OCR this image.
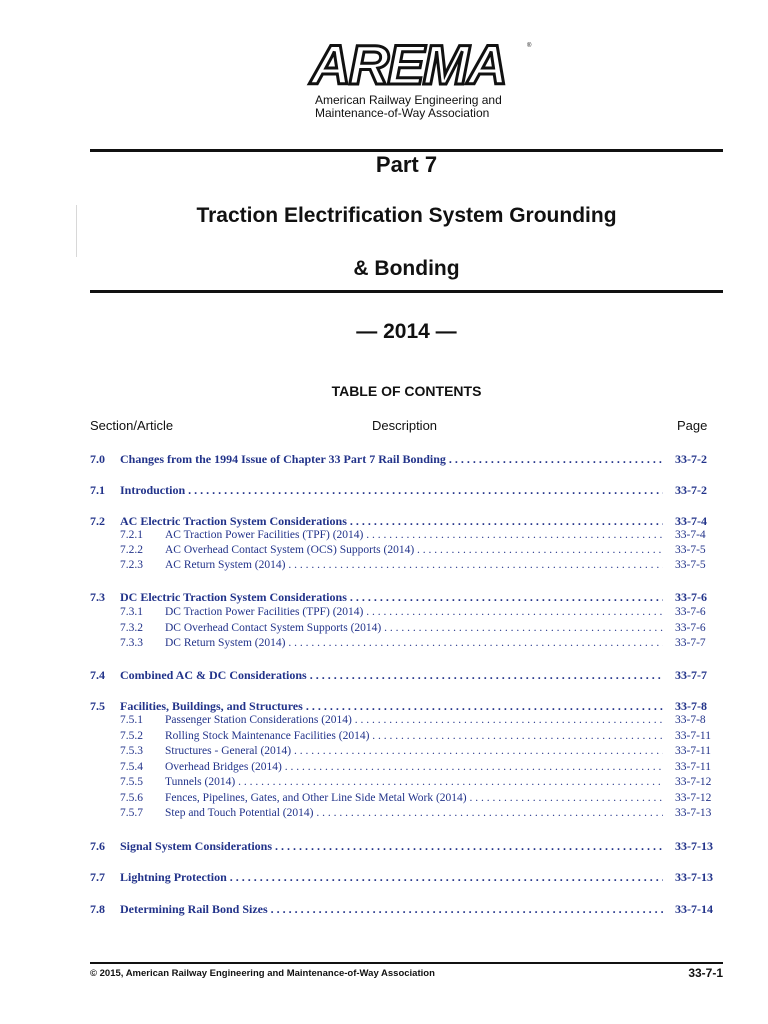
AREMA	®
American Railway Engineering and
Maintenance-of-Way Association
Part 7
Traction Electrification System Grounding
& Bonding
— 2014 —
TABLE OF CONTENTS
Section/Article	Description	Page
7.0 Changes from the 1994 Issue of Chapter 33 Part 7 Rail Bonding . . .	33-7-2
7.1 Introduction . . .	33-7-2
7.2 AC Electric Traction System Considerations . . .	33-7-4
7.2.1 AC Traction Power Facilities (TPF) (2014) . . .	33-7-4
7.2.2 AC Overhead Contact System (OCS) Supports (2014) . . .	33-7-5
7.2.3 AC Return System (2014) . . .	33-7-5
7.3 DC Electric Traction System Considerations . . .	33-7-6
7.3.1 DC Traction Power Facilities (TPF) (2014) . . .	33-7-6
7.3.2 DC Overhead Contact System Supports (2014) . . .	33-7-6
7.3.3 DC Return System (2014) . . .	33-7-7
7.4 Combined AC & DC Considerations . . .	33-7-7
7.5 Facilities, Buildings, and Structures . . .	33-7-8
7.5.1 Passenger Station Considerations (2014) . . .	33-7-8
7.5.2 Rolling Stock Maintenance Facilities (2014) . . .	33-7-11
7.5.3 Structures - General (2014) . . .	33-7-11
7.5.4 Overhead Bridges (2014) . . .	33-7-11
7.5.5 Tunnels (2014) . . .	33-7-12
7.5.6 Fences, Pipelines, Gates, and Other Line Side Metal Work (2014) . . .	33-7-12
7.5.7 Step and Touch Potential (2014) . . .	33-7-13
7.6 Signal System Considerations . . .	33-7-13
7.7 Lightning Protection . . .	33-7-13
7.8 Determining Rail Bond Sizes . . .	33-7-14
© 2015, American Railway Engineering and Maintenance-of-Way Association	33-7-1
